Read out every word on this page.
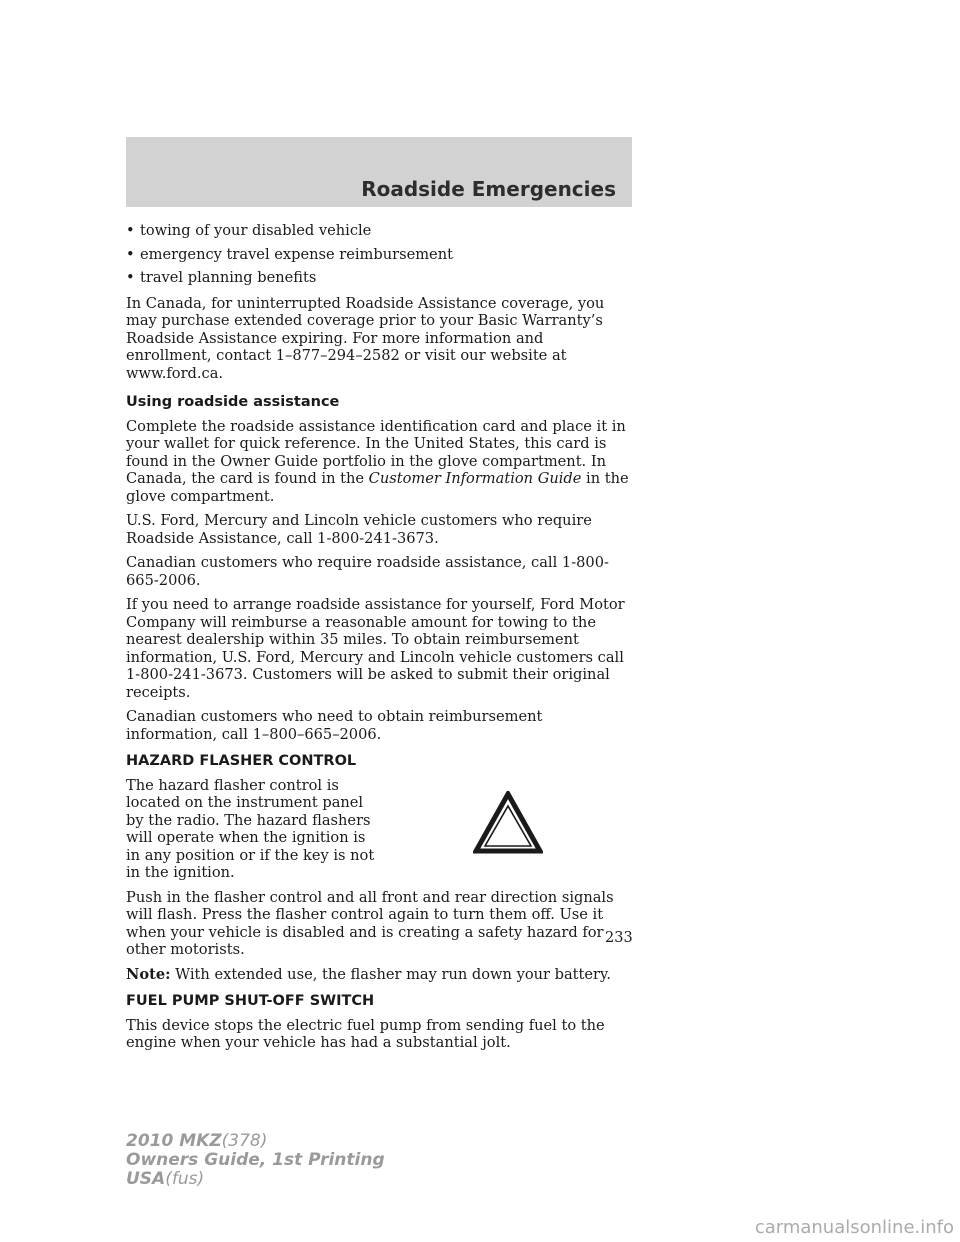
Roadside Emergencies
• towing of your disabled vehicle
• emergency travel expense reimbursement
• travel planning benefits

In Canada, for uninterrupted Roadside Assistance coverage, you may purchase extended coverage prior to your Basic Warranty’s Roadside Assistance expiring. For more information and enrollment, contact 1–877–294–2582 or visit our website at www.ford.ca.

Using roadside assistance

Complete the roadside assistance identification card and place it in your wallet for quick reference. In the United States, this card is found in the Owner Guide portfolio in the glove compartment. In Canada, the card is found in the Customer Information Guide in the glove compartment.

U.S. Ford, Mercury and Lincoln vehicle customers who require Roadside Assistance, call 1-800-241-3673.

Canadian customers who require roadside assistance, call 1-800-665-2006.

If you need to arrange roadside assistance for yourself, Ford Motor Company will reimburse a reasonable amount for towing to the nearest dealership within 35 miles. To obtain reimbursement information, U.S. Ford, Mercury and Lincoln vehicle customers call 1-800-241-3673. Customers will be asked to submit their original receipts.

Canadian customers who need to obtain reimbursement information, call 1–800–665–2006.

HAZARD FLASHER CONTROL

The hazard flasher control is located on the instrument panel by the radio. The hazard flashers will operate when the ignition is in any position or if the key is not in the ignition.

Push in the flasher control and all front and rear direction signals will flash. Press the flasher control again to turn them off. Use it when your vehicle is disabled and is creating a safety hazard for other motorists.

Note: With extended use, the flasher may run down your battery.

FUEL PUMP SHUT-OFF SWITCH

This device stops the electric fuel pump from sending fuel to the engine when your vehicle has had a substantial jolt.

233
2010 MKZ(378)
Owners Guide, 1st Printing
USA(fus)
carmanualsonline.info
